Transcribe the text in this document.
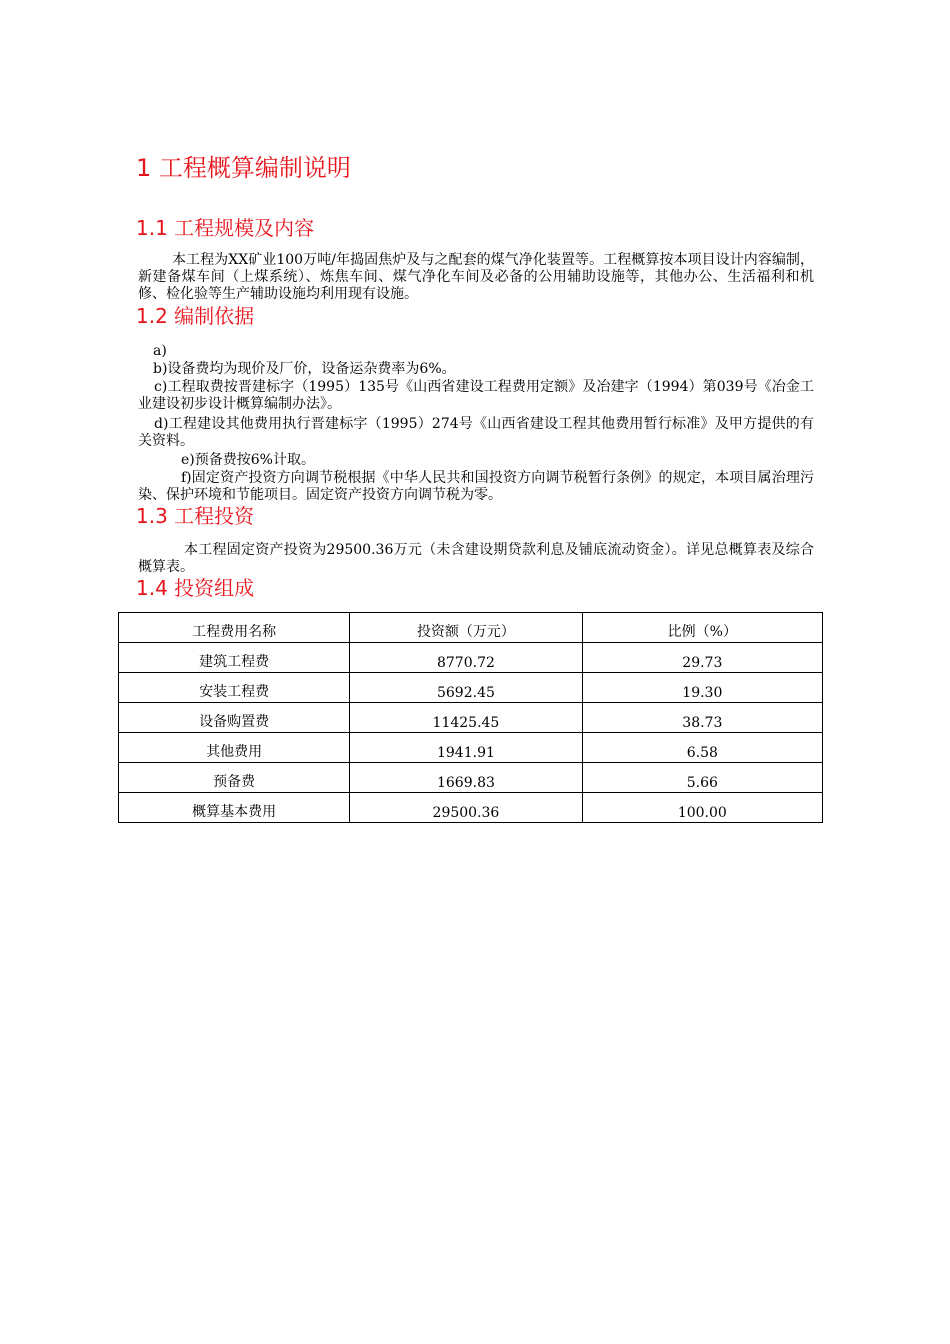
1 工程概算编制说明
1.1 工程规模及内容
本工程为XX矿业100万吨/年捣固焦炉及与之配套的煤气净化装置等。工程概算按本项目设计内容编制，新建备煤车间（上煤系统）、炼焦车间、煤气净化车间及必备的公用辅助设施等，其他办公、生活福利和机修、检化验等生产辅助设施均利用现有设施。
1.2 编制依据
a)
b)设备费均为现价及厂价，设备运杂费率为6%。
c)工程取费按晋建标字（1995）135号《山西省建设工程费用定额》及冶建字（1994）第039号《冶金工业建设初步设计概算编制办法》。
d)工程建设其他费用执行晋建标字（1995）274号《山西省建设工程其他费用暂行标准》及甲方提供的有关资料。
e)预备费按6%计取。
f)固定资产投资方向调节税根据《中华人民共和国投资方向调节税暂行条例》的规定，本项目属治理污染、保护环境和节能项目。固定资产投资方向调节税为零。
1.3 工程投资
本工程固定资产投资为29500.36万元（未含建设期贷款利息及铺底流动资金）。详见总概算表及综合概算表。
1.4 投资组成
工程费用名称	投资额（万元）	比例（%）
建筑工程费	8770.72	29.73
安装工程费	5692.45	19.30
设备购置费	11425.45	38.73
其他费用	1941.91	6.58
预备费	1669.83	5.66
概算基本费用	29500.36	100.00
